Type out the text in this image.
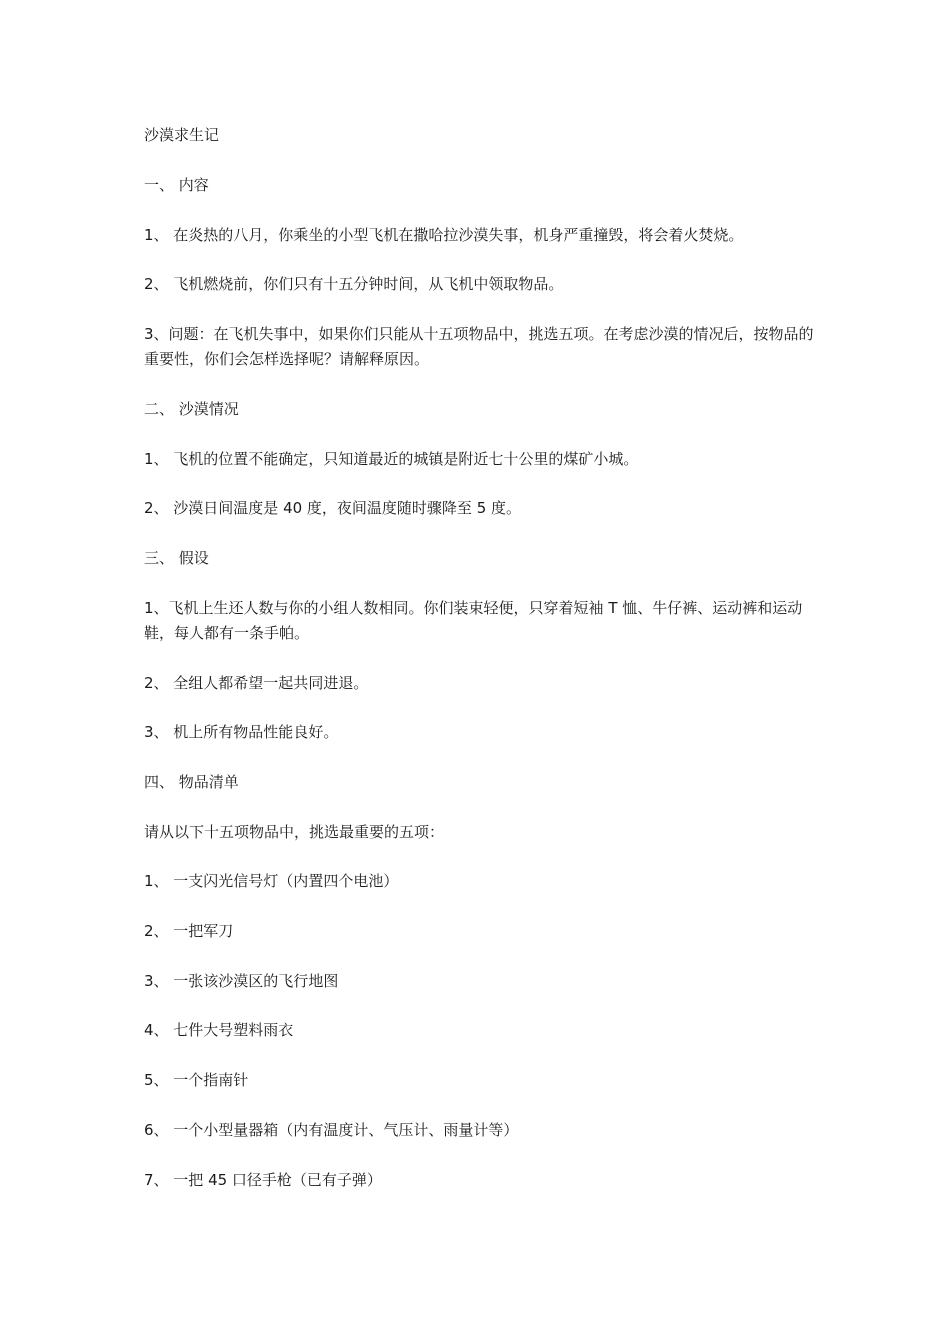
沙漠求生记

一、 内容

1、 在炎热的八月，你乘坐的小型飞机在撒哈拉沙漠失事，机身严重撞毁，将会着火焚烧。

2、 飞机燃烧前，你们只有十五分钟时间，从飞机中领取物品。

3、问题：在飞机失事中，如果你们只能从十五项物品中，挑选五项。在考虑沙漠的情况后，按物品的重要性，你们会怎样选择呢？请解释原因。

二、 沙漠情况

1、 飞机的位置不能确定，只知道最近的城镇是附近七十公里的煤矿小城。

2、 沙漠日间温度是 40 度，夜间温度随时骤降至 5 度。

三、 假设

1、飞机上生还人数与你的小组人数相同。你们装束轻便，只穿着短袖 T 恤、牛仔裤、运动裤和运动鞋，每人都有一条手帕。

2、 全组人都希望一起共同进退。

3、 机上所有物品性能良好。

四、 物品清单

请从以下十五项物品中，挑选最重要的五项：

1、 一支闪光信号灯（内置四个电池）

2、 一把军刀

3、 一张该沙漠区的飞行地图

4、 七件大号塑料雨衣

5、 一个指南针

6、 一个小型量器箱（内有温度计、气压计、雨量计等）

7、 一把 45 口径手枪（已有子弹）
